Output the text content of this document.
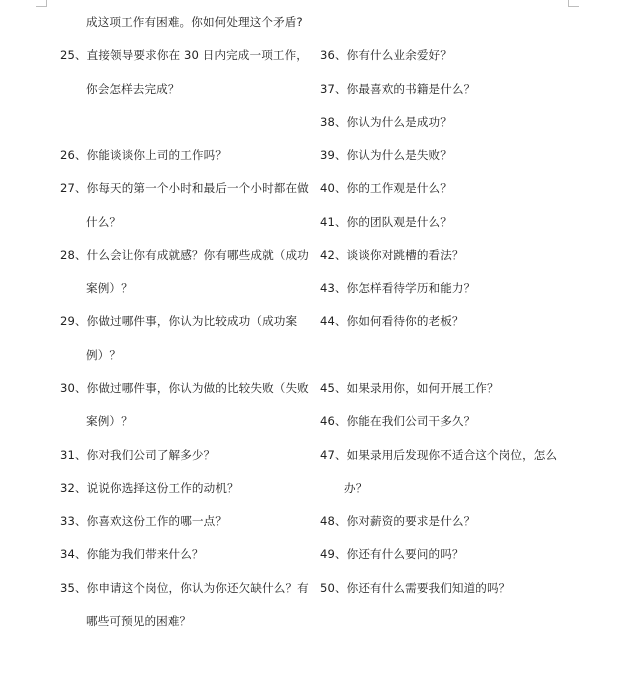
成这项工作有困难。你如何处理这个矛盾?
25、直接领导要求你在 30 日内完成一项工作，
你会怎样去完成？
26、你能谈谈你上司的工作吗？
27、你每天的第一个小时和最后一个小时都在做
什么？
28、什么会让你有成就感？你有哪些成就（成功
案例）？
29、你做过哪件事，你认为比较成功（成功案
例）？
30、你做过哪件事，你认为做的比较失败（失败
案例）？
31、你对我们公司了解多少？
32、说说你选择这份工作的动机？
33、你喜欢这份工作的哪一点？
34、你能为我们带来什么？
35、你申请这个岗位，你认为你还欠缺什么？有
哪些可预见的困难？
36、你有什么业余爱好？
37、你最喜欢的书籍是什么？
38、你认为什么是成功？
39、你认为什么是失败？
40、你的工作观是什么？
41、你的团队观是什么？
42、谈谈你对跳槽的看法？
43、你怎样看待学历和能力？
44、你如何看待你的老板？
45、如果录用你，如何开展工作？
46、你能在我们公司干多久？
47、如果录用后发现你不适合这个岗位，怎么
办？
48、你对薪资的要求是什么？
49、你还有什么要问的吗？
50、你还有什么需要我们知道的吗？
